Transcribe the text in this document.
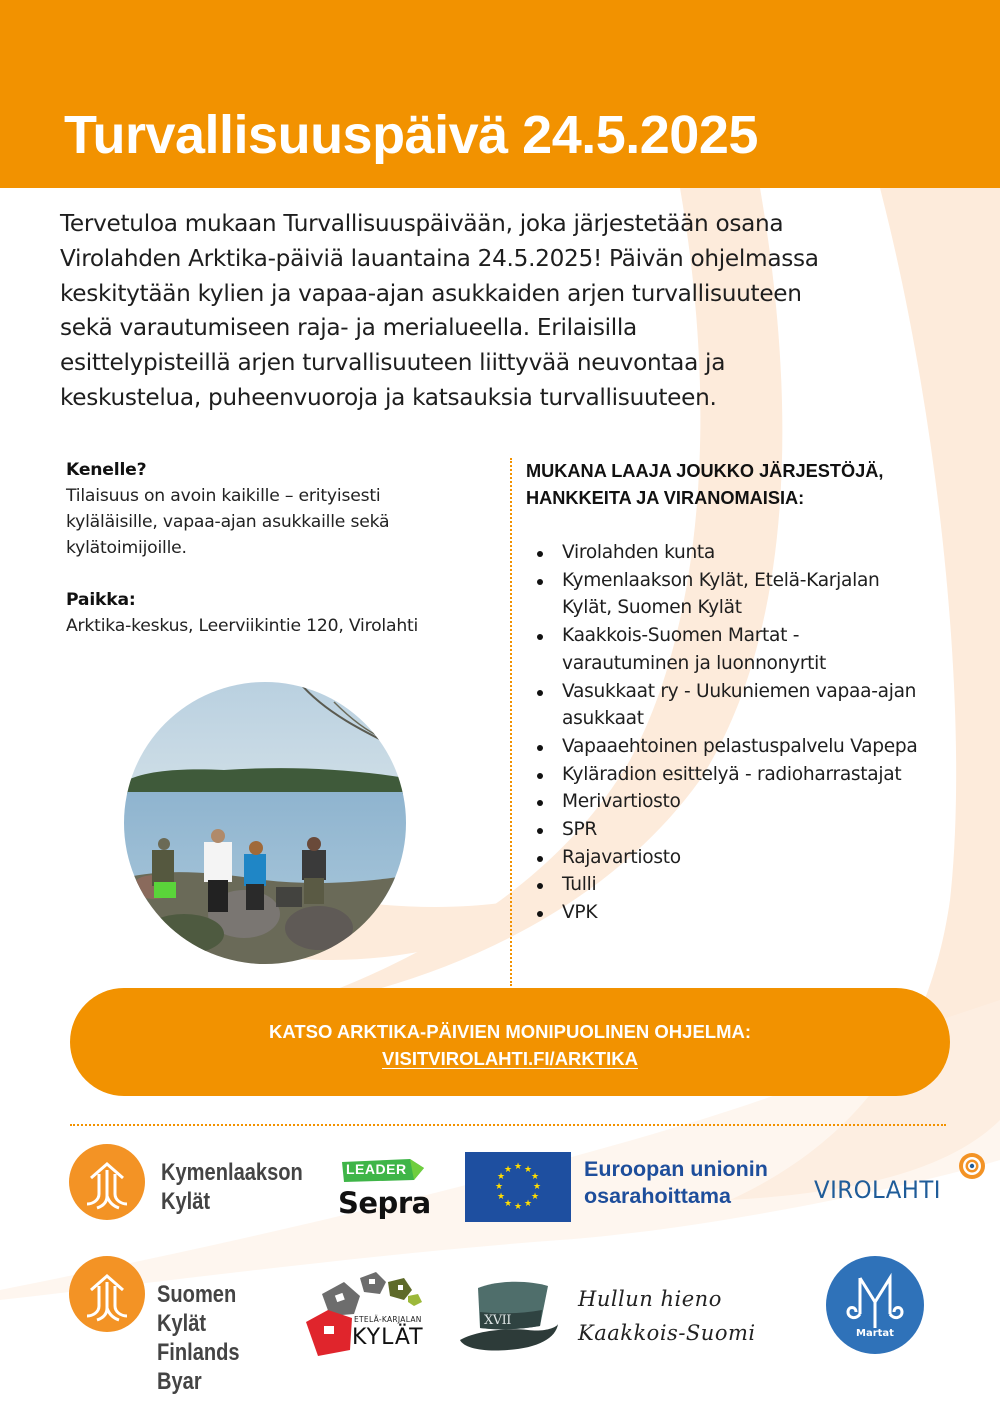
Turvallisuuspäivä 24.5.2025
Tervetuloa mukaan Turvallisuuspäivään, joka järjestetään osana
Virolahden Arktika-päiviä lauantaina 24.5.2025! Päivän ohjelmassa
keskitytään kylien ja vapaa-ajan asukkaiden arjen turvallisuuteen
sekä varautumiseen raja- ja merialueella. Erilaisilla
esittelypisteillä arjen turvallisuuteen liittyvää neuvontaa ja
keskustelua, puheenvuoroja ja katsauksia turvallisuuteen.
Kenelle?
Tilaisuus on avoin kaikille – erityisesti
kyläläisille, vapaa-ajan asukkaille sekä
kylätoimijoille.
Paikka:
Arktika-keskus, Leerviikintie 120, Virolahti
MUKANA LAAJA JOUKKO JÄRJESTÖJÄ,
HANKKEITA JA VIRANOMAISIA:
Virolahden kunta
Kymenlaakson Kylät, Etelä-Karjalan
Kylät, Suomen Kylät
Kaakkois-Suomen Martat -
varautuminen ja luonnonyrtit
Vasukkaat ry - Uukuniemen vapaa-ajan
asukkaat
Vapaaehtoinen pelastuspalvelu Vapepa
Kyläradion esittelyä - radioharrastajat
Merivartiosto
SPR
Rajavartiosto
Tulli
VPK
KATSO ARKTIKA-PÄIVIEN MONIPUOLINEN OHJELMA:
VISITVIROLAHTI.FI/ARKTIKA
Kymenlaakson
Kylät
LEADER
Sepra
★ ★
★
★
★
★
★
★
★
★
★
★	Euroopan unionin
osarahoittama	VIROLAHTI
Suomen Kylät
Finlands Byar
ETELÄ-KARJALAN
KYLÄT
XVII
Hullun hieno
Kaakkois-Suomi	Martat
